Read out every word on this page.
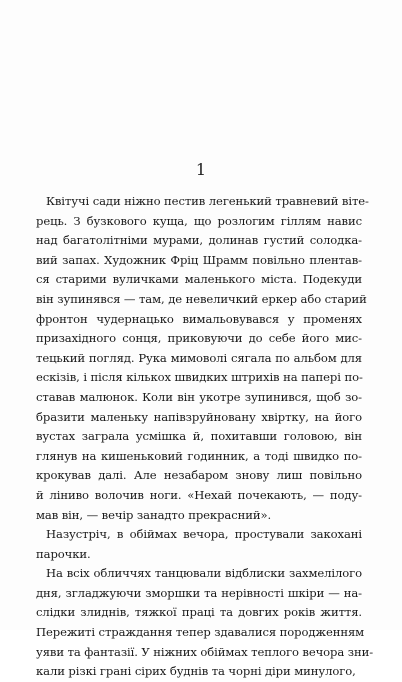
1
Квітучі сади ніжно пестив легенький травневий віте-
рець. З бузкового куща, що розлогим гіллям навис
над багатолітніми мурами, долинав густий солодка-
вий запах. Художник Фріц Шрамм повільно плентав-
ся старими вуличками маленького міста. Подекуди
він зупинявся — там, де невеличкий еркер або старий
фронтон чудернацько вимальовувався у променях
призахідного сонця, приковуючи до себе його мис-
тецький погляд. Рука мимоволі сягала по альбом для
ескізів, і після кількох швидких штрихів на папері по-
ставав малюнок. Коли він укотре зупинився, щоб зо-
бразити маленьку напівзруйновану хвіртку, на його
вустах заграла усмішка й, похитавши головою, він
глянув на кишеньковий годинник, а тоді швидко по-
крокував далі. Але незабаром знову лиш повільно
й ліниво волочив ноги. «Нехай почекають, — поду-
мав він, — вечір занадто прекрасний».
Назустріч, в обіймах вечора, простували закохані
парочки.
На всіх обличчях танцювали відблиски захмелілого
дня, згладжуючи зморшки та нерівності шкіри — на-
слідки злиднів, тяжкої праці та довгих років життя.
Пережиті страждання тепер здавалися породженням
уяви та фантазії. У ніжних обіймах теплого вечора зни-
кали різкі грані сірих буднів та чорні діри минулого,
